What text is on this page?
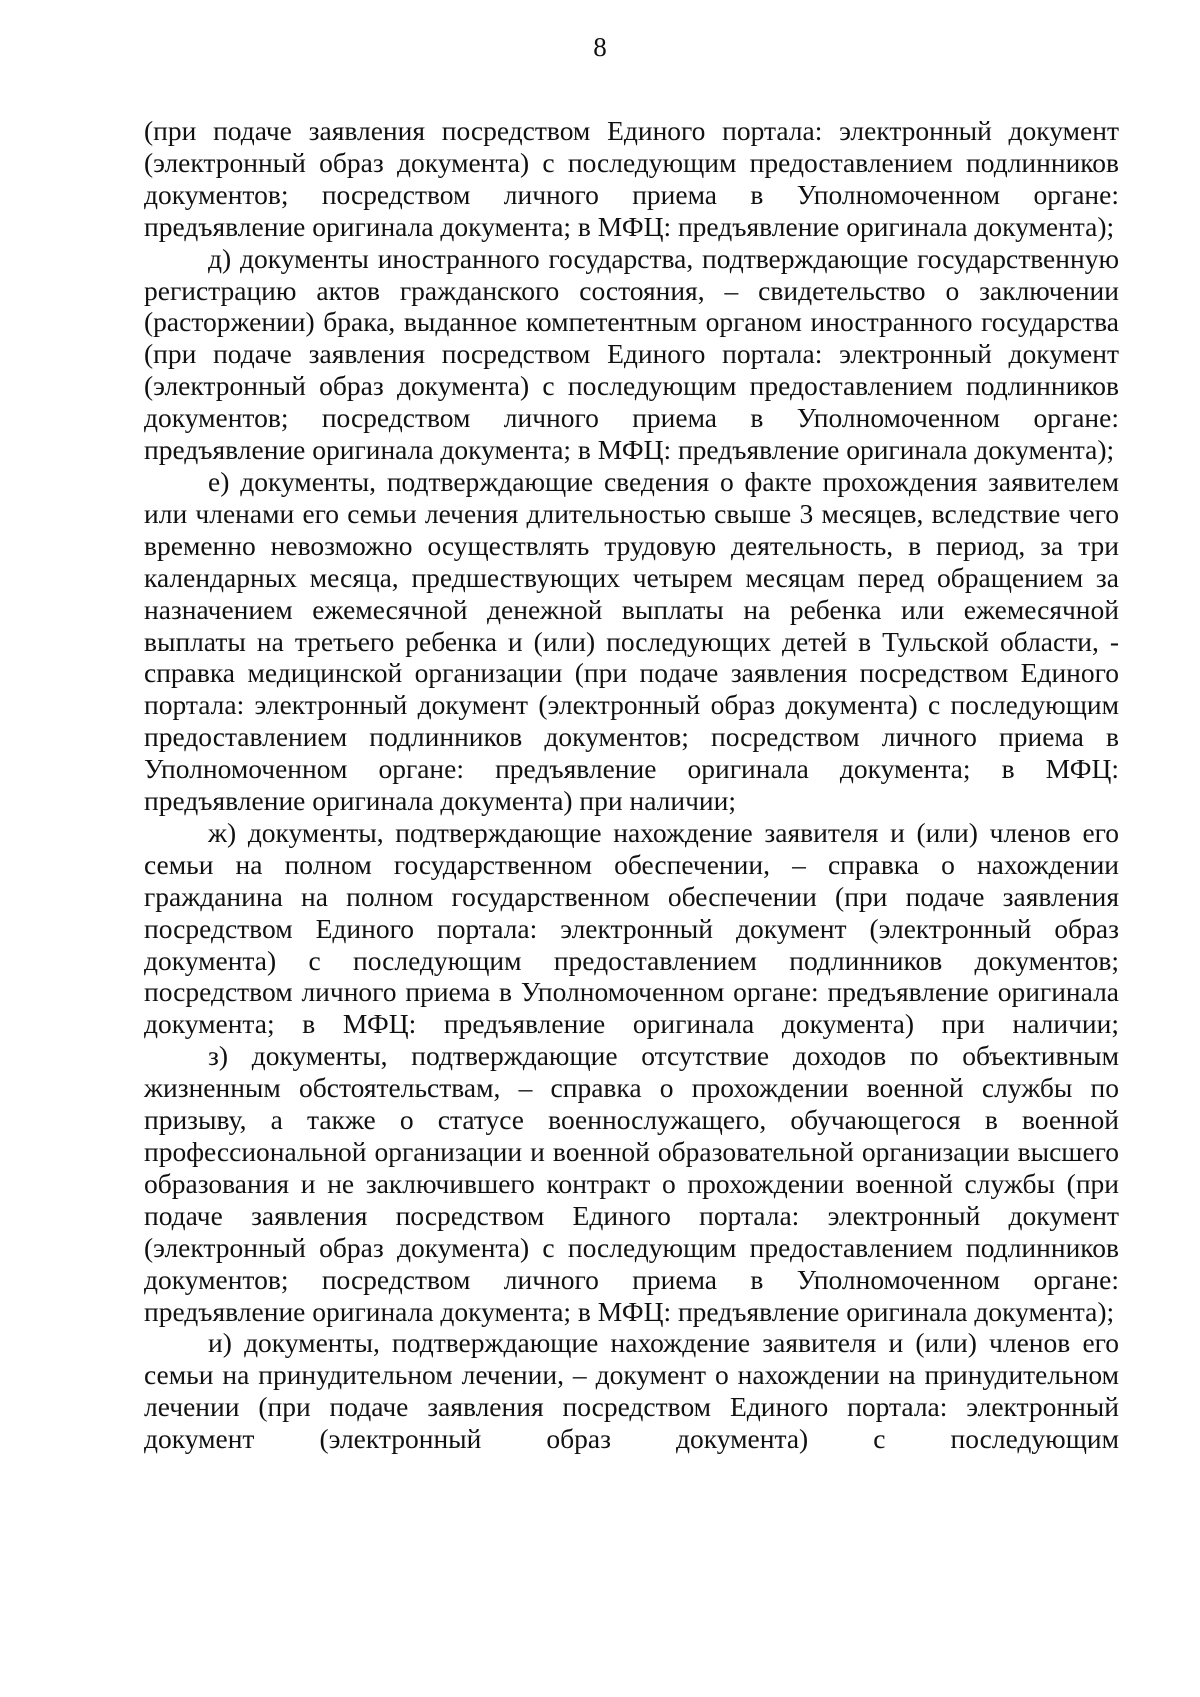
8

(при подаче заявления посредством Единого портала: электронный документ (электронный образ документа) с последующим предоставлением подлинников документов; посредством личного приема в Уполномоченном органе: предъявление оригинала документа; в МФЦ: предъявление оригинала документа);

д) документы иностранного государства, подтверждающие государственную регистрацию актов гражданского состояния, – свидетельство о заключении (расторжении) брака, выданное компетентным органом иностранного государства (при подаче заявления посредством Единого портала: электронный документ (электронный образ документа) с последующим предоставлением подлинников документов; посредством личного приема в Уполномоченном органе: предъявление оригинала документа; в МФЦ: предъявление оригинала документа);

е) документы, подтверждающие сведения о факте прохождения заявителем или членами его семьи лечения длительностью свыше 3 месяцев, вследствие чего временно невозможно осуществлять трудовую деятельность, в период, за три календарных месяца, предшествующих четырем месяцам перед обращением за назначением ежемесячной денежной выплаты на ребенка или ежемесячной выплаты на третьего ребенка и (или) последующих детей в Тульской области, - справка медицинской организации (при подаче заявления посредством Единого портала: электронный документ (электронный образ документа) с последующим предоставлением подлинников документов; посредством личного приема в Уполномоченном органе: предъявление оригинала документа; в МФЦ: предъявление оригинала документа) при наличии;

ж) документы, подтверждающие нахождение заявителя и (или) членов его семьи на полном государственном обеспечении, – справка о нахождении гражданина на полном государственном обеспечении (при подаче заявления посредством Единого портала: электронный документ (электронный образ документа) с последующим предоставлением подлинников документов; посредством личного приема в Уполномоченном органе: предъявление оригинала документа; в МФЦ: предъявление оригинала документа) при наличии;

з) документы, подтверждающие отсутствие доходов по объективным жизненным обстоятельствам, – справка о прохождении военной службы по призыву, а также о статусе военнослужащего, обучающегося в военной профессиональной организации и военной образовательной организации высшего образования и не заключившего контракт о прохождении военной службы (при подаче заявления посредством Единого портала: электронный документ (электронный образ документа) с последующим предоставлением подлинников документов; посредством личного приема в Уполномоченном органе: предъявление оригинала документа; в МФЦ: предъявление оригинала документа);

и) документы, подтверждающие нахождение заявителя и (или) членов его семьи на принудительном лечении, – документ о нахождении на принудительном лечении (при подаче заявления посредством Единого портала: электронный документ (электронный образ документа) с последующим
